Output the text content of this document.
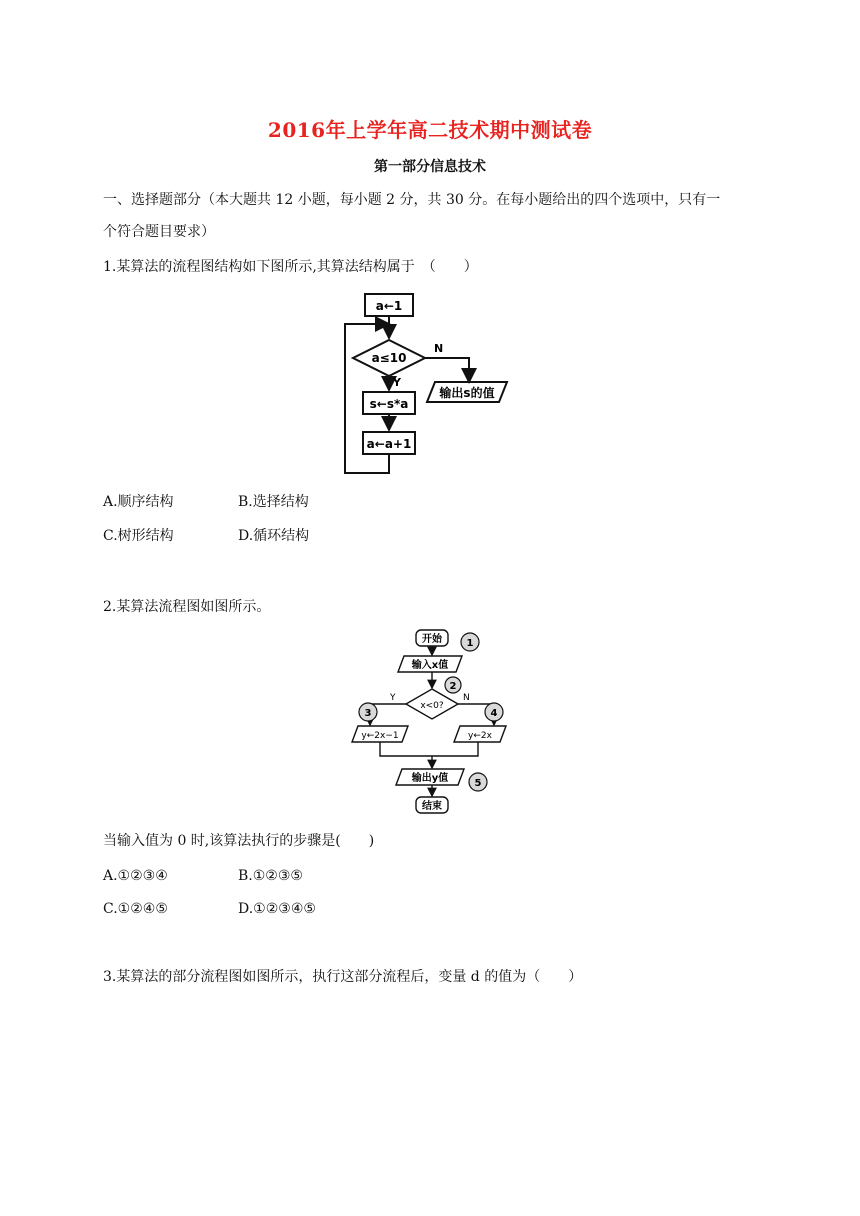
2016年上学年高二技术期中测试卷
第一部分信息技术
一、选择题部分（本大题共 12 小题，每小题 2 分，共 30 分。在每小题给出的四个选项中，只有一
个符合题目要求）
1.某算法的流程图结构如下图所示,其算法结构属于　（　　）
a←1
a≤10
N
Y
输出s的值
s←s*a
a←a+1
A.顺序结构	B.选择结构
C.树形结构	D.循环结构
2.某算法流程图如图所示。
开始
输入x值
x<0?
Y	N
y←2x−1	y←2x
输出y值
结束
1
2
3	4
5
当输入值为 0 时,该算法执行的步骤是(　　)
A.①②③④	B.①②③⑤
C.①②④⑤	D.①②③④⑤
3.某算法的部分流程图如图所示，执行这部分流程后，变量 d 的值为（　　）
